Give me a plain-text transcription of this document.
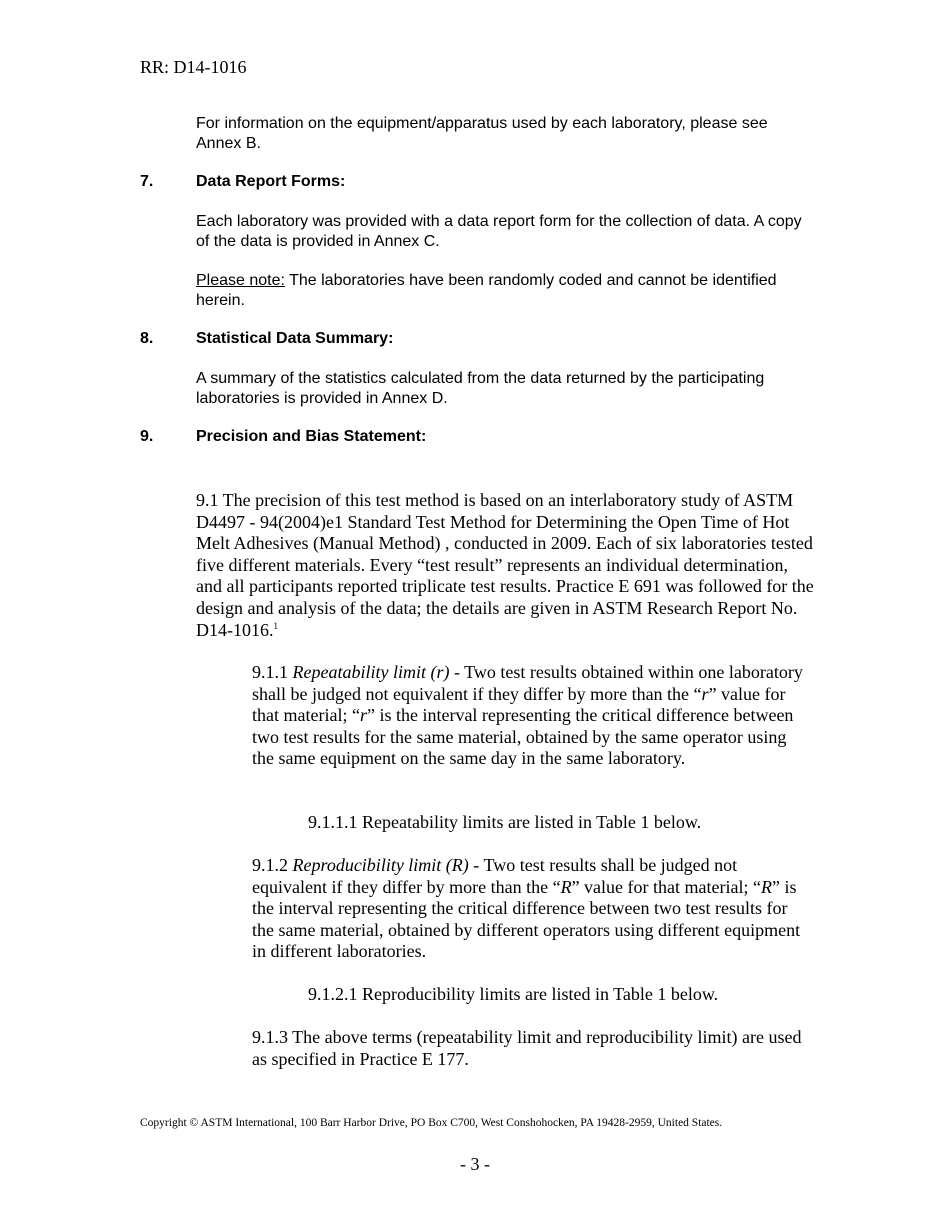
RR: D14-1016
For information on the equipment/apparatus used by each laboratory, please see Annex B.
7.	Data Report Forms:
Each laboratory was provided with a data report form for the collection of data. A copy of the data is provided in Annex C.
Please note: The laboratories have been randomly coded and cannot be identified herein.
8.	Statistical Data Summary:
A summary of the statistics calculated from the data returned by the participating laboratories is provided in Annex D.
9.	Precision and Bias Statement:
9.1 The precision of this test method is based on an interlaboratory study of ASTM D4497 - 94(2004)e1 Standard Test Method for Determining the Open Time of Hot Melt Adhesives (Manual Method) , conducted in 2009. Each of six laboratories tested five different materials. Every “test result” represents an individual determination, and all participants reported triplicate test results. Practice E 691 was followed for the design and analysis of the data; the details are given in ASTM Research Report No. D14-1016.$^1$
9.1.1 Repeatability limit (r) - Two test results obtained within one laboratory shall be judged not equivalent if they differ by more than the “r” value for that material; “r” is the interval representing the critical difference between two test results for the same material, obtained by the same operator using the same equipment on the same day in the same laboratory.
9.1.1.1 Repeatability limits are listed in Table 1 below.
9.1.2 Reproducibility limit (R) - Two test results shall be judged not equivalent if they differ by more than the “R” value for that material; “R” is the interval representing the critical difference between two test results for the same material, obtained by different operators using different equipment in different laboratories.
9.1.2.1 Reproducibility limits are listed in Table 1 below.
9.1.3 The above terms (repeatability limit and reproducibility limit) are used as specified in Practice E 177.
Copyright © ASTM International, 100 Barr Harbor Drive, PO Box C700, West Conshohocken, PA 19428-2959, United States.
- 3 -
